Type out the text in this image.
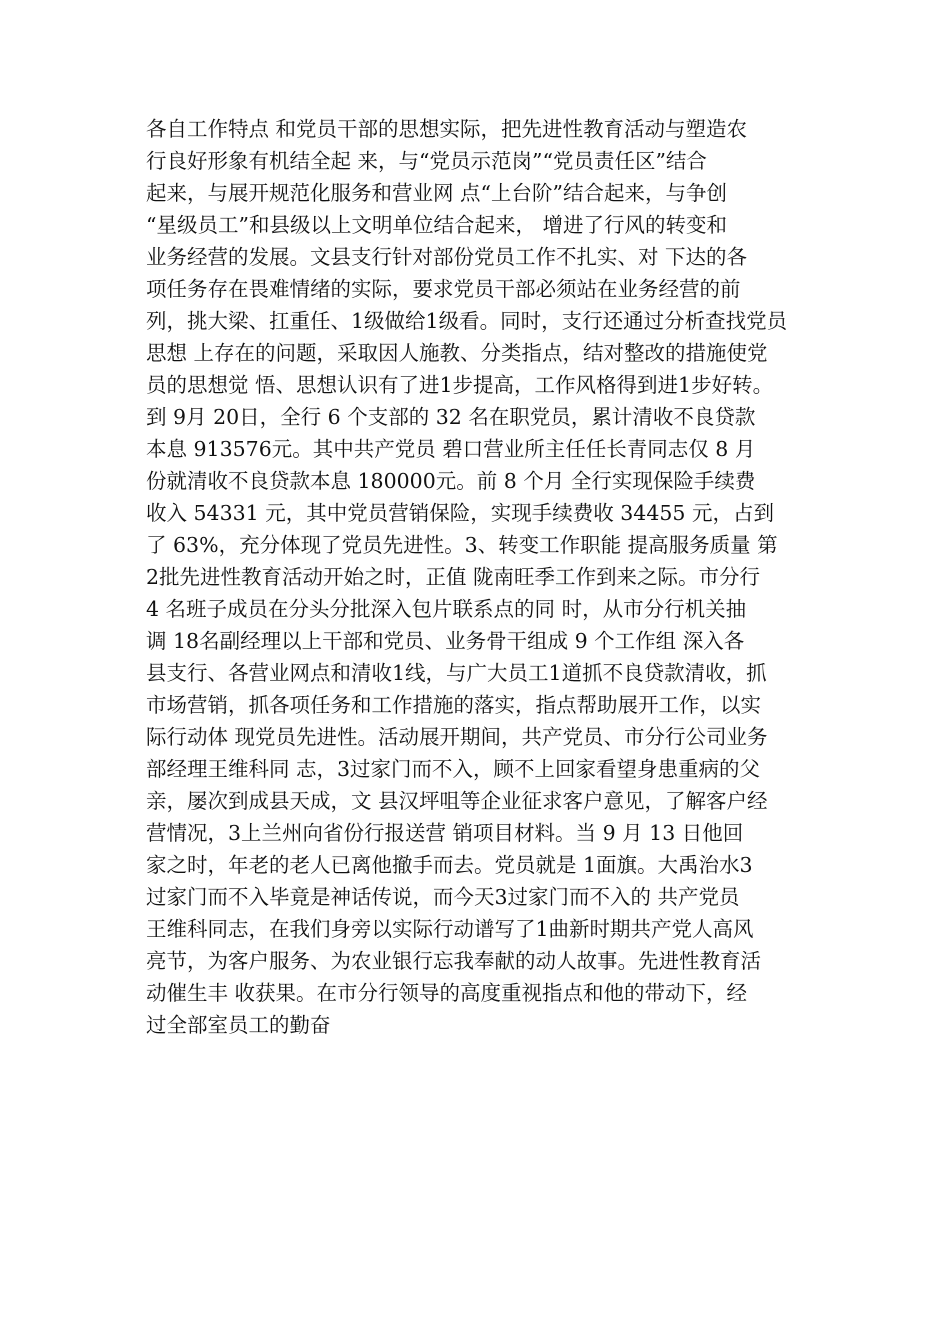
各自工作特点 和党员干部的思想实际，把先进性教育活动与塑造农
行良好形象有机结全起 来，与“党员示范岗”“党员责任区”结合
起来，与展开规范化服务和营业网 点“上台阶”结合起来，与争创
“星级员工”和县级以上文明单位结合起来， 增进了行风的转变和
业务经营的发展。文县支行针对部份党员工作不扎实、对 下达的各
项任务存在畏难情绪的实际，要求党员干部必须站在业务经营的前
列，挑大梁、扛重任、1级做给1级看。同时，支行还通过分析查找党员
思想 上存在的问题，采取因人施教、分类指点，结对整改的措施使党
员的思想觉 悟、思想认识有了进1步提高，工作风格得到进1步好转。
到 9月 20日，全行 6 个支部的 32 名在职党员，累计清收不良贷款
本息 913576元。其中共产党员 碧口营业所主任任长青同志仅 8 月
份就清收不良贷款本息 180000元。前 8 个月 全行实现保险手续费
收入 54331 元，其中党员营销保险，实现手续费收 34455 元，占到
了 63%，充分体现了党员先进性。3、转变工作职能 提高服务质量 第
2批先进性教育活动开始之时，正值 陇南旺季工作到来之际。市分行
4 名班子成员在分头分批深入包片联系点的同 时，从市分行机关抽
调 18名副经理以上干部和党员、业务骨干组成 9 个工作组 深入各
县支行、各营业网点和清收1线，与广大员工1道抓不良贷款清收，抓
市场营销，抓各项任务和工作措施的落实，指点帮助展开工作，以实
际行动体 现党员先进性。活动展开期间，共产党员、市分行公司业务
部经理王维科同 志，3过家门而不入，顾不上回家看望身患重病的父
亲，屡次到成县天成，文 县汉坪咀等企业征求客户意见，了解客户经
营情况，3上兰州向省份行报送营 销项目材料。当 9 月 13 日他回
家之时，年老的老人已离他撤手而去。党员就是 1面旗。大禹治水3
过家门而不入毕竟是神话传说，而今天3过家门而不入的 共产党员
王维科同志，在我们身旁以实际行动谱写了1曲新时期共产党人高风
亮节，为客户服务、为农业银行忘我奉献的动人故事。先进性教育活
动催生丰 收获果。在市分行领导的高度重视指点和他的带动下，经
过全部室员工的勤奋
